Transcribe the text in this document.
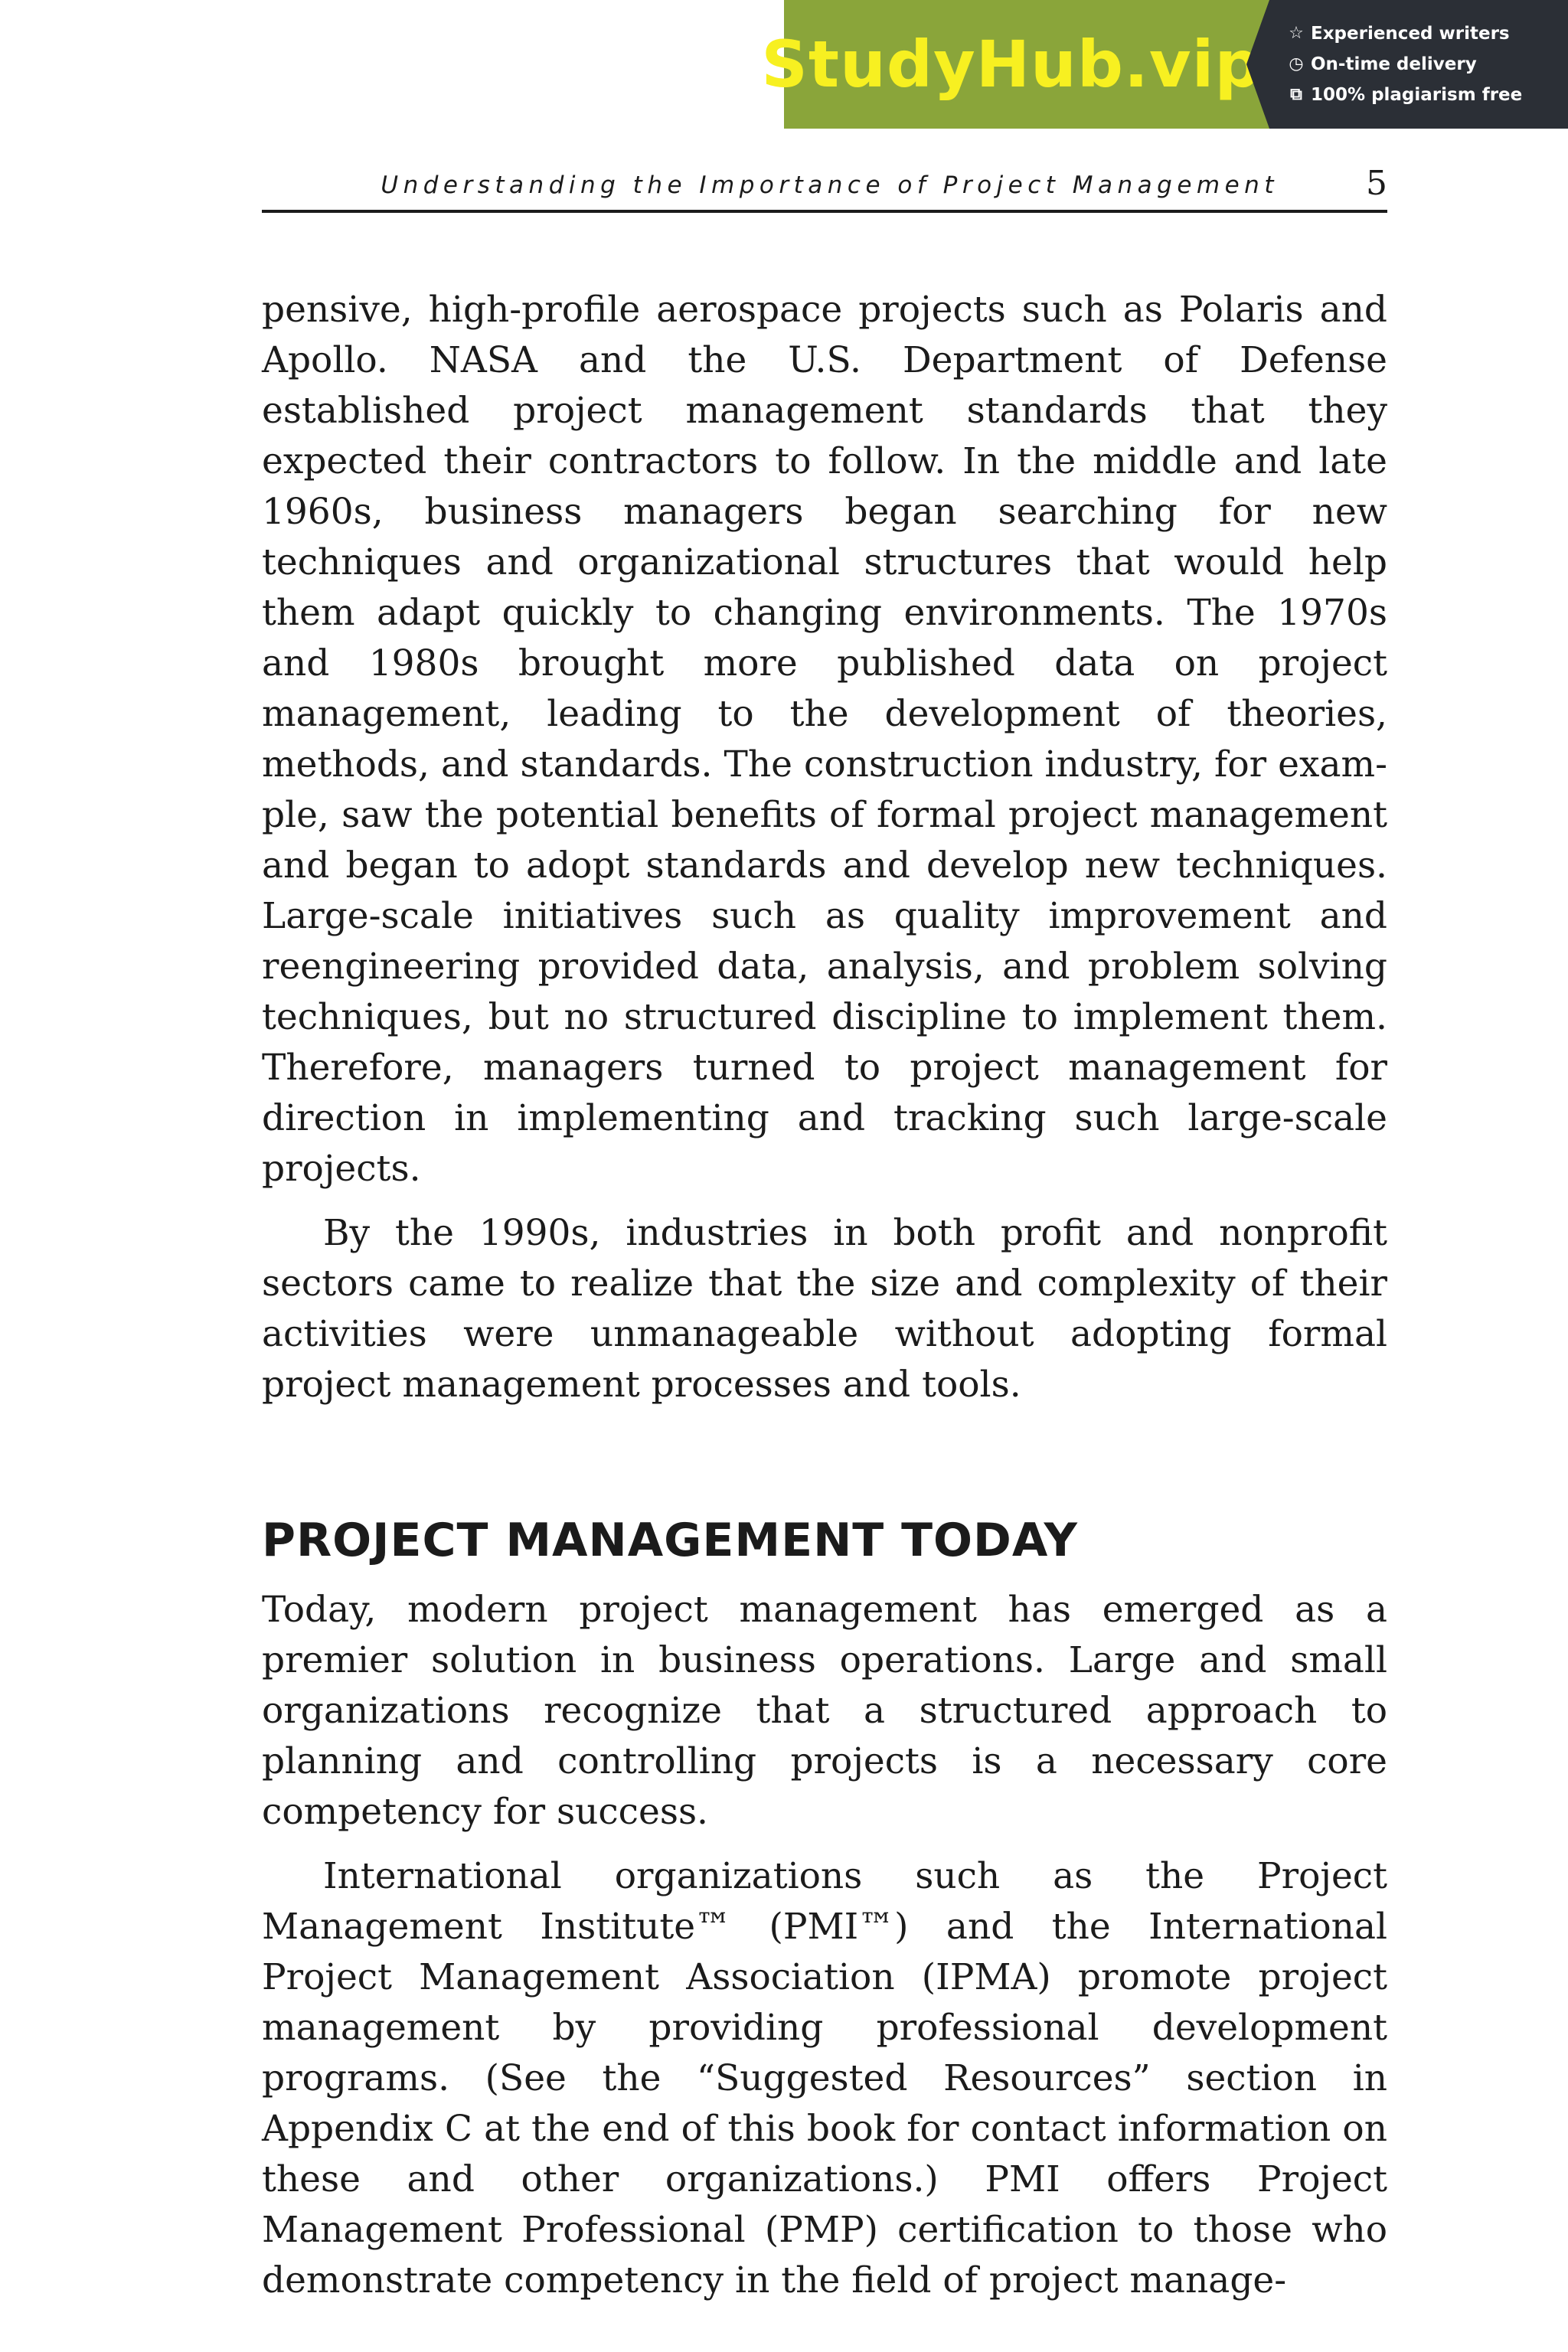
StudyHub.vip ☆ Experienced writers
◷ On-time delivery
⧉ 100% plagiarism free
Understanding the Importance of Project Management	5

pensive, high-profile aerospace projects such as Polaris and Apollo. NASA and the U.S. Department of Defense established project management standards that they expected their contractors to follow. In the middle and late 1960s, business managers began searching for new techniques and organizational structures that would help them adapt quickly to changing environments. The 1970s and 1980s brought more published data on project management, leading to the development of theories, methods, and standards. The construction industry, for example, saw the potential benefits of formal project management and began to adopt standards and develop new techniques. Large-scale initiatives such as quality improvement and reengineering provided data, analysis, and problem solving techniques, but no structured discipline to implement them. Therefore, managers turned to project management for direction in implementing and tracking such large-scale projects.

By the 1990s, industries in both profit and nonprofit sectors came to realize that the size and complexity of their activities were unmanageable without adopting formal project management processes and tools.

PROJECT MANAGEMENT TODAY

Today, modern project management has emerged as a premier solution in business operations. Large and small organizations recognize that a structured approach to planning and controlling projects is a necessary core competency for success.

International organizations such as the Project Management Institute™ (PMI™) and the International Project Management Association (IPMA) promote project management by providing professional development programs. (See the “Suggested Resources” section in Appendix C at the end of this book for contact information on these and other organizations.) PMI offers Project Management Professional (PMP) certification to those who demonstrate competency in the field of project manage-
